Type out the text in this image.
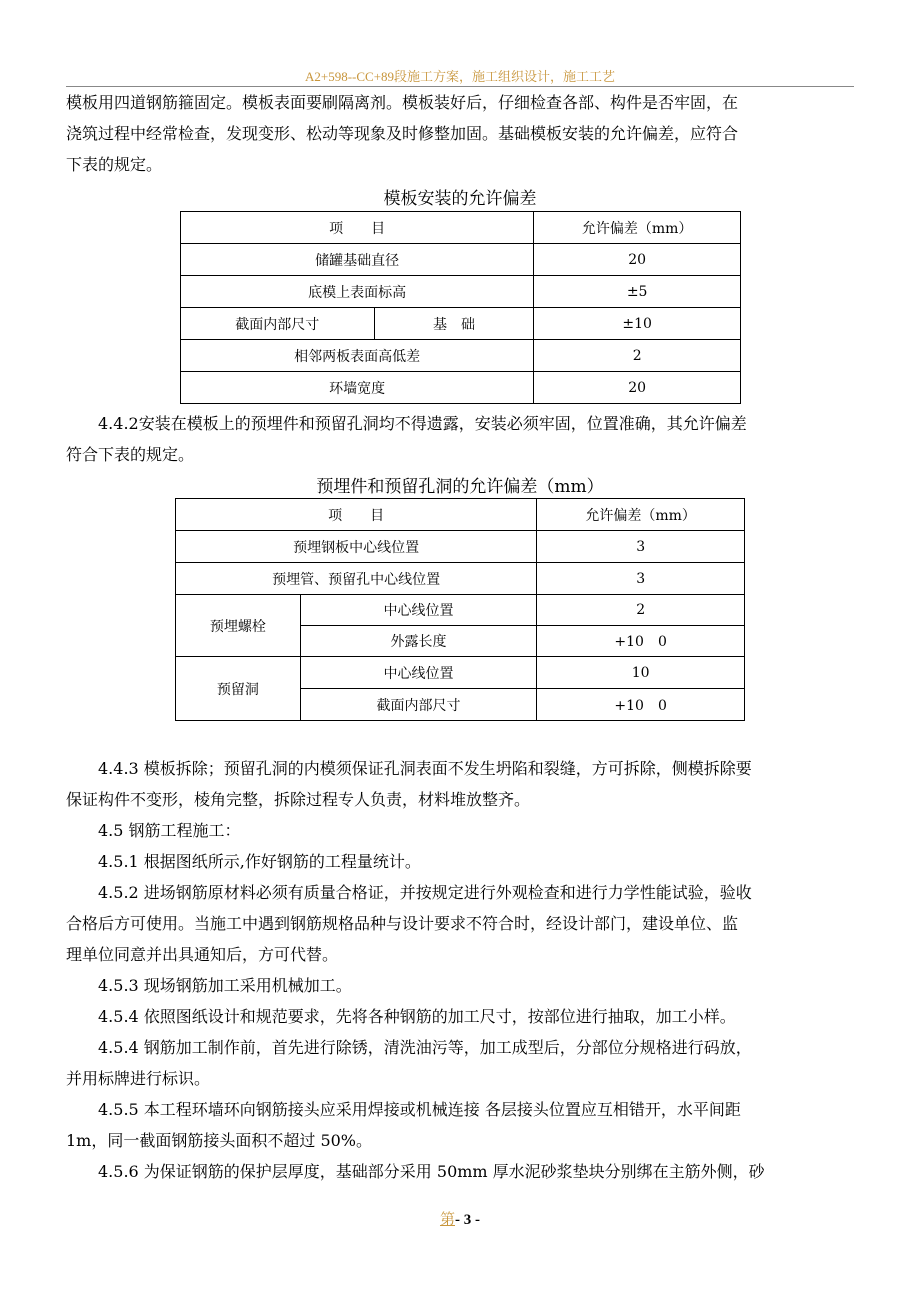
A2+598--CC+89段施工方案，施工组织设计，施工工艺
模板用四道钢筋箍固定。模板表面要刷隔离剂。模板装好后，仔细检查各部、构件是否牢固，在
浇筑过程中经常检查，发现变形、松动等现象及时修整加固。基础模板安装的允许偏差，应符合
下表的规定。
模板安装的允许偏差
项　　目		允许偏差（mm）
储罐基础直径		20
底模上表面标高		±5
截面内部尺寸	基　础	±10
相邻两板表面高低差		2
环墙宽度		20
4.4.2安装在模板上的预埋件和预留孔洞均不得遗露，安装必须牢固，位置准确，其允许偏差
符合下表的规定。
预埋件和预留孔洞的允许偏差（mm）
项　　目		允许偏差（mm）
预埋钢板中心线位置		3
预埋管、预留孔中心线位置		3
预埋螺栓	中心线位置	2
	外露长度	+10　0
预留洞	中心线位置	10
	截面内部尺寸	+10　0
4.4.3 模板拆除；预留孔洞的内模须保证孔洞表面不发生坍陷和裂缝，方可拆除，侧模拆除要
保证构件不变形，棱角完整，拆除过程专人负责，材料堆放整齐。
4.5 钢筋工程施工：
4.5.1 根据图纸所示,作好钢筋的工程量统计。
4.5.2 进场钢筋原材料必须有质量合格证，并按规定进行外观检查和进行力学性能试验，验收
合格后方可使用。当施工中遇到钢筋规格品种与设计要求不符合时，经设计部门，建设单位、监
理单位同意并出具通知后，方可代替。
4.5.3 现场钢筋加工采用机械加工。
4.5.4 依照图纸设计和规范要求，先将各种钢筋的加工尺寸，按部位进行抽取，加工小样。
4.5.4 钢筋加工制作前，首先进行除锈，清洗油污等，加工成型后，分部位分规格进行码放，
并用标牌进行标识。
4.5.5 本工程环墙环向钢筋接头应采用焊接或机械连接 各层接头位置应互相错开，水平间距
1m，同一截面钢筋接头面积不超过 50%。
4.5.6 为保证钢筋的保护层厚度，基础部分采用 50mm 厚水泥砂浆垫块分别绑在主筋外侧，砂
第- 3 -
